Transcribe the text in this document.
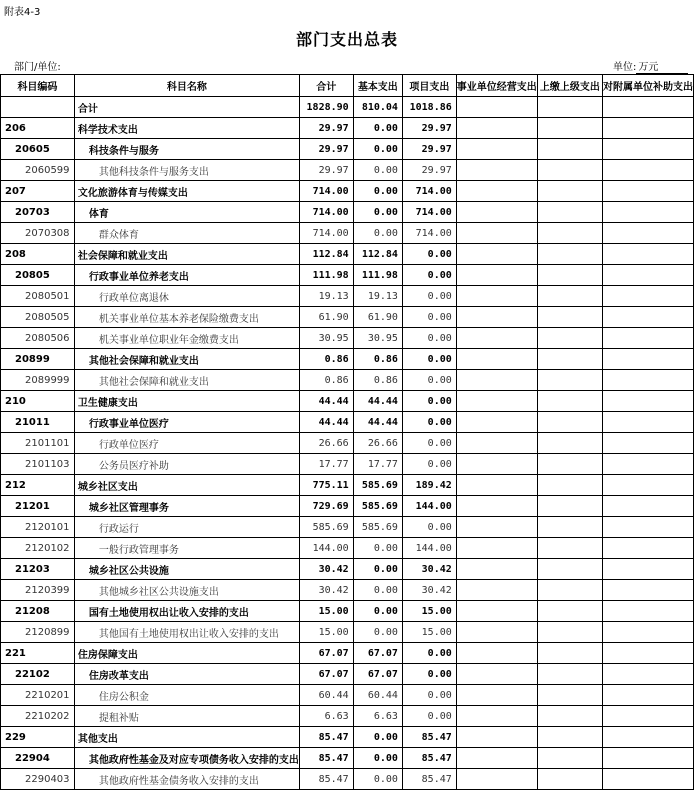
附表4-3
部门支出总表
部门/单位:	单位: 万元
科目编码	科目名称	合计	基本支出	项目支出	事业单位经营支出	上缴上级支出	对附属单位补助支出
	合计	1828.90	810.04	1018.86			
206	科学技术支出	29.97	0.00	29.97			
20605	科技条件与服务	29.97	0.00	29.97			
2060599	其他科技条件与服务支出	29.97	0.00	29.97			
207	文化旅游体育与传媒支出	714.00	0.00	714.00			
20703	体育	714.00	0.00	714.00			
2070308	群众体育	714.00	0.00	714.00			
208	社会保障和就业支出	112.84	112.84	0.00			
20805	行政事业单位养老支出	111.98	111.98	0.00			
2080501	行政单位离退休	19.13	19.13	0.00			
2080505	机关事业单位基本养老保险缴费支出	61.90	61.90	0.00			
2080506	机关事业单位职业年金缴费支出	30.95	30.95	0.00			
20899	其他社会保障和就业支出	0.86	0.86	0.00			
2089999	其他社会保障和就业支出	0.86	0.86	0.00			
210	卫生健康支出	44.44	44.44	0.00			
21011	行政事业单位医疗	44.44	44.44	0.00			
2101101	行政单位医疗	26.66	26.66	0.00			
2101103	公务员医疗补助	17.77	17.77	0.00			
212	城乡社区支出	775.11	585.69	189.42			
21201	城乡社区管理事务	729.69	585.69	144.00			
2120101	行政运行	585.69	585.69	0.00			
2120102	一般行政管理事务	144.00	0.00	144.00			
21203	城乡社区公共设施	30.42	0.00	30.42			
2120399	其他城乡社区公共设施支出	30.42	0.00	30.42			
21208	国有土地使用权出让收入安排的支出	15.00	0.00	15.00			
2120899	其他国有土地使用权出让收入安排的支出	15.00	0.00	15.00			
221	住房保障支出	67.07	67.07	0.00			
22102	住房改革支出	67.07	67.07	0.00			
2210201	住房公积金	60.44	60.44	0.00			
2210202	提租补贴	6.63	6.63	0.00			
229	其他支出	85.47	0.00	85.47			
22904	其他政府性基金及对应专项债务收入安排的支出	85.47	0.00	85.47			
2290403	其他政府性基金债务收入安排的支出	85.47	0.00	85.47			
